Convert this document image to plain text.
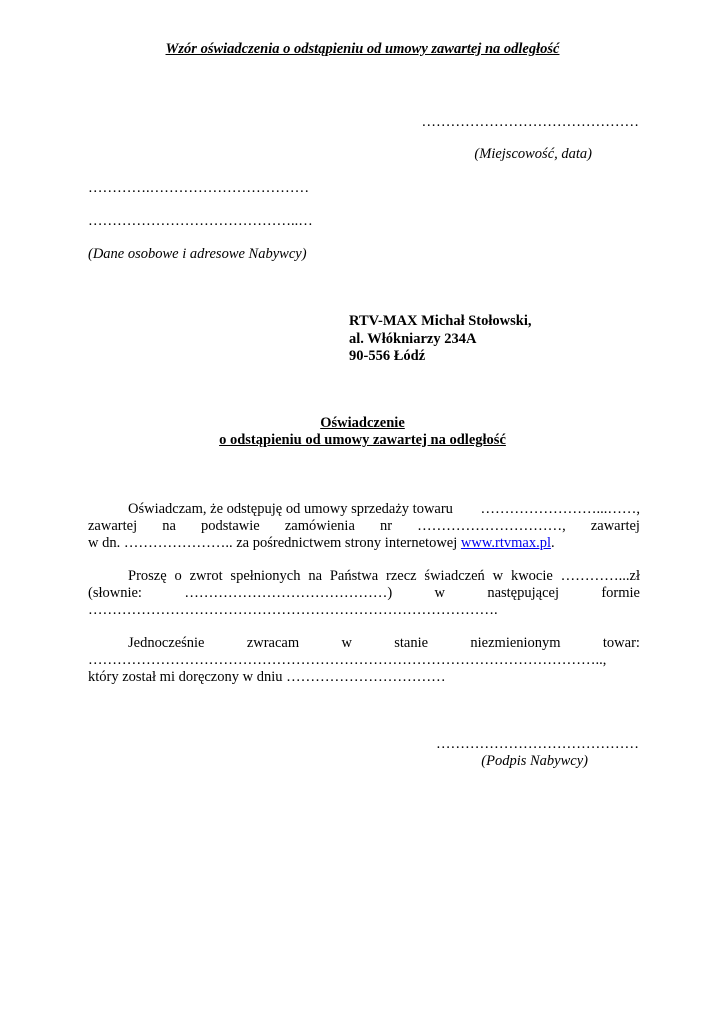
Wzór oświadczenia o odstąpieniu od umowy zawartej na odległość
………………………………………
(Miejscowość, data)
………….……………………………
……………………………………..…
(Dane osobowe i adresowe Nabywcy)
RTV-MAX Michał Stołowski,
al. Włókniarzy 234A
90-556 Łódź
Oświadczenie
o odstąpieniu od umowy zawartej na odległość
Oświadczam, że odstępuję od umowy sprzedaży towaru ……………………...……,
zawartej na podstawie zamówienia nr …………………………, zawartej
w dn. ………………….. za pośrednictwem strony internetowej www.rtvmax.pl.
Proszę o zwrot spełnionych na Państwa rzecz świadczeń w kwocie …………...zł
(słownie:	……………………………………)	w	następującej	formie
………………………………………………………………………….
Jednocześnie	zwracam	w	stanie	niezmienionym	towar:
……………………………………………………………………………………………..,
który został mi doręczony w dniu ……………………………
……………………………………
(Podpis Nabywcy)
